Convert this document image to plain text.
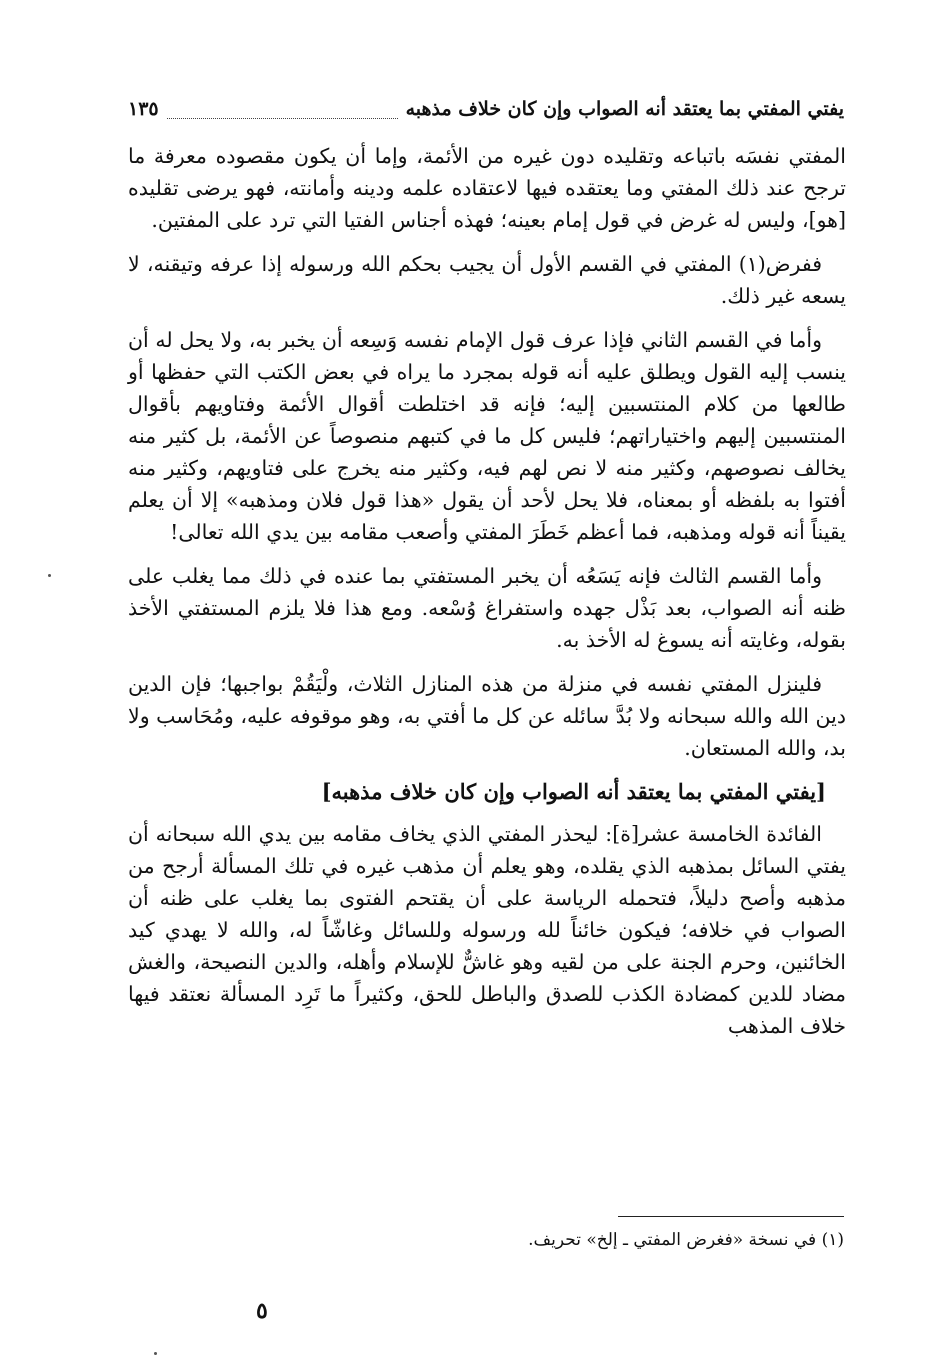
يفتي المفتي بما يعتقد أنه الصواب وإن كان خلاف مذهبه
١٣٥

المفتي نفسَه باتباعه وتقليده دون غيره من الأئمة، وإما أن يكون مقصوده معرفة ما ترجح عند ذلك المفتي وما يعتقده فيها لاعتقاده علمه ودينه وأمانته، فهو يرضى تقليده [هو]، وليس له غرض في قول إمام بعينه؛ فهذه أجناس الفتيا التي ترد على المفتين.

ففرض(١) المفتي في القسم الأول أن يجيب بحكم الله ورسوله إذا عرفه وتيقنه، لا يسعه غير ذلك.

وأما في القسم الثاني فإذا عرف قول الإمام نفسه وَسِعه أن يخبر به، ولا يحل له أن ينسب إليه القول ويطلق عليه أنه قوله بمجرد ما يراه في بعض الكتب التي حفظها أو طالعها من كلام المنتسبين إليه؛ فإنه قد اختلطت أقوال الأئمة وفتاويهم بأقوال المنتسبين إليهم واختياراتهم؛ فليس كل ما في كتبهم منصوصاً عن الأئمة، بل كثير منه يخالف نصوصهم، وكثير منه لا نص لهم فيه، وكثير منه يخرج على فتاويهم، وكثير منه أفتوا به بلفظه أو بمعناه، فلا يحل لأحد أن يقول «هذا قول فلان ومذهبه» إلا أن يعلم يقيناً أنه قوله ومذهبه، فما أعظم خَطَرَ المفتي وأصعب مقامه بين يدي الله تعالى!

وأما القسم الثالث فإنه يَسَعُه أن يخبر المستفتي بما عنده في ذلك مما يغلب على ظنه أنه الصواب، بعد بَذْل جهده واستفراغ وُسْعه. ومع هذا فلا يلزم المستفتي الأخذ بقوله، وغايته أنه يسوغ له الأخذ به.

فلينزل المفتي نفسه في منزلة من هذه المنازل الثلاث، ولْيَقُمْ بواجبها؛ فإن الدين دين الله والله سبحانه ولا بُدَّ سائله عن كل ما أفتي به، وهو موقوفه عليه، ومُحَاسب ولا بد، والله المستعان.

[يفتي المفتي بما يعتقد أنه الصواب وإن كان خلاف مذهبه]

الفائدة الخامسة عشر[ة]: ليحذر المفتي الذي يخاف مقامه بين يدي الله سبحانه أن يفتي السائل بمذهبه الذي يقلده، وهو يعلم أن مذهب غيره في تلك المسألة أرجح من مذهبه وأصح دليلاً، فتحمله الرياسة على أن يقتحم الفتوى بما يغلب على ظنه أن الصواب في خلافه؛ فيكون خائناً لله ورسوله وللسائل وغاشّاً له، والله لا يهدي كيد الخائنين، وحرم الجنة على من لقيه وهو غاشٌّ للإسلام وأهله، والدين النصيحة، والغش مضاد للدين كمضادة الكذب للصدق والباطل للحق، وكثيراً ما تَرِد المسألة نعتقد فيها خلاف المذهب

(١) في نسخة «فغرض المفتي ـ إلخ» تحريف.
٥
